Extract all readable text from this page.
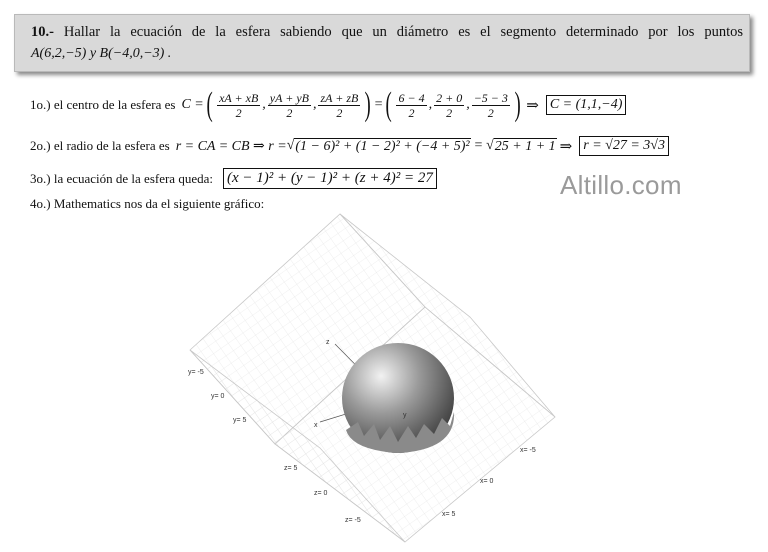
10.- Hallar la ecuación de la esfera sabiendo que un diámetro es el segmento determinado por los puntos
A(6,2,−5) y B(−4,0,−3) .
1o.) el centro de la esfera es C = ( $\frac{xA + xB}{2}$ , $\frac{yA + yB}{2}$ , $\frac{zA + zB}{2}$ ) = ( $\frac{6 - 4}{2}$ , $\frac{2 + 0}{2}$ , $\frac{-5 - 3}{2}$ ) ⇒ C = (1,1,−4)
2o.) el radio de la esfera es r = CA = CB ⇒ r = √ (1 − 6)² + (1 − 2)² + (−4 + 5)² = √ 25 + 1 + 1 ⇒ r = √27 = 3√3
3o.) la ecuación de la esfera queda: (x − 1)² + (y − 1)² + (z + 4)² = 27
4o.) Mathematics nos da el siguiente gráfico:
Altillo.com
z
x
y
y= -5
y= 0
y= 5
z= 5
z= 0
z= -5
x= -5
x= 0
x= 5
